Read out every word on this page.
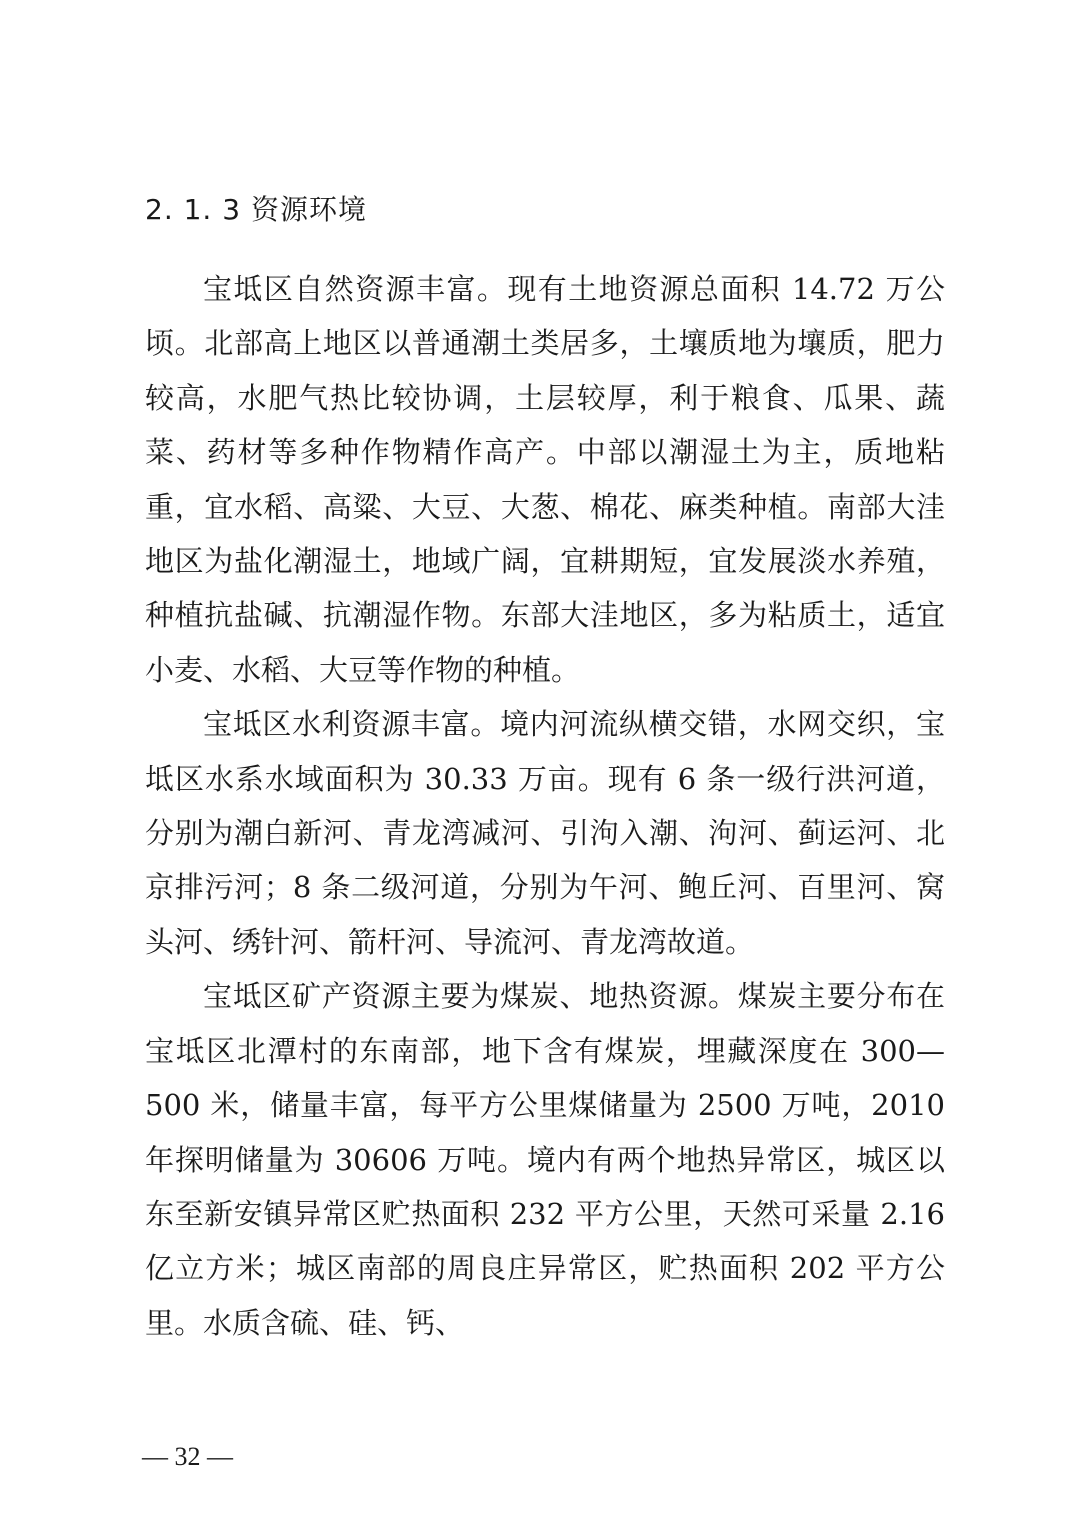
2. 1. 3 资源环境

宝坻区自然资源丰富。现有土地资源总面积 14.72 万公顷。北部高上地区以普通潮土类居多，土壤质地为壤质，肥力较高，水肥气热比较协调，土层较厚，利于粮食、瓜果、蔬菜、药材等多种作物精作高产。中部以潮湿土为主，质地粘重，宜水稻、高粱、大豆、大葱、棉花、麻类种植。南部大洼地区为盐化潮湿土，地域广阔，宜耕期短，宜发展淡水养殖，种植抗盐碱、抗潮湿作物。东部大洼地区，多为粘质土，适宜小麦、水稻、大豆等作物的种植。

宝坻区水利资源丰富。境内河流纵横交错，水网交织，宝坻区水系水域面积为 30.33 万亩。现有 6 条一级行洪河道，分别为潮白新河、青龙湾减河、引泃入潮、泃河、蓟运河、北京排污河；8 条二级河道，分别为午河、鲍丘河、百里河、窝头河、绣针河、箭杆河、导流河、青龙湾故道。

宝坻区矿产资源主要为煤炭、地热资源。煤炭主要分布在宝坻区北潭村的东南部，地下含有煤炭，埋藏深度在 300—500 米，储量丰富，每平方公里煤储量为 2500 万吨，2010 年探明储量为 30606 万吨。境内有两个地热异常区，城区以东至新安镇异常区贮热面积 232 平方公里，天然可采量 2.16 亿立方米；城区南部的周良庄异常区，贮热面积 202 平方公里。水质含硫、硅、钙、

— 32 —
